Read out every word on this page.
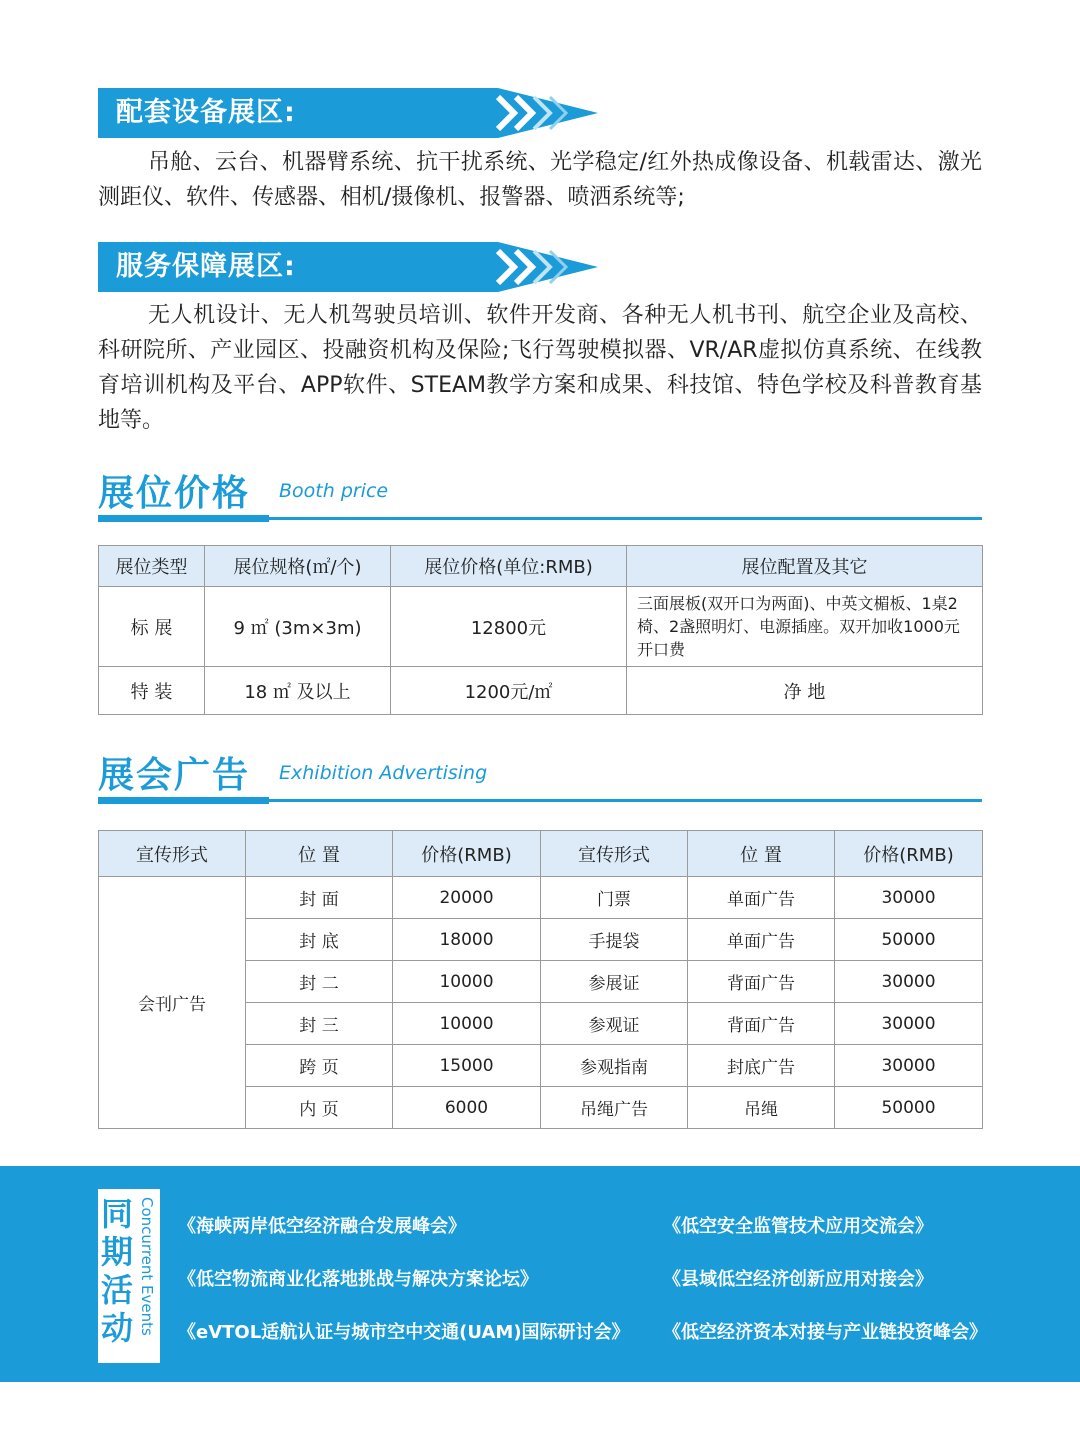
配套设备展区:

吊舱、云台、机器臂系统、抗干扰系统、光学稳定/红外热成像设备、机载雷达、激光测距仪、软件、传感器、相机/摄像机、报警器、喷洒系统等;

服务保障展区:

无人机设计、无人机驾驶员培训、软件开发商、各种无人机书刊、航空企业及高校、科研院所、产业园区、投融资机构及保险;飞行驾驶模拟器、VR/AR虚拟仿真系统、在线教育培训机构及平台、APP软件、STEAM教学方案和成果、科技馆、特色学校及科普教育基地等。

展位价格 Booth price
展位类型	展位规格(㎡/个)	展位价格(单位:RMB)	展位配置及其它
标 展	9 ㎡ (3m×3m)	12800元	三面展板(双开口为两面)、中英文楣板、1桌2椅、2盏照明灯、电源插座。双开加收1000元开口费
特 装	18 ㎡ 及以上	1200元/㎡	净 地
展会广告 Exhibition Advertising
宣传形式	位 置	价格(RMB)	宣传形式	位 置	价格(RMB)
会刊广告	封 面	20000	门票	单面广告	30000
	封 底	18000	手提袋	单面广告	50000
	封 二	10000	参展证	背面广告	30000
	封 三	10000	参观证	背面广告	30000
	跨 页	15000	参观指南	封底广告	30000
	内 页	6000	吊绳广告	吊绳	50000
同期活动 Concurrent Events 《海峡两岸低空经济融合发展峰会》	《低空安全监管技术应用交流会》
《低空物流商业化落地挑战与解决方案论坛》	《县域低空经济创新应用对接会》
《eVTOL适航认证与城市空中交通(UAM)国际研讨会》 《低空经济资本对接与产业链投资峰会》
